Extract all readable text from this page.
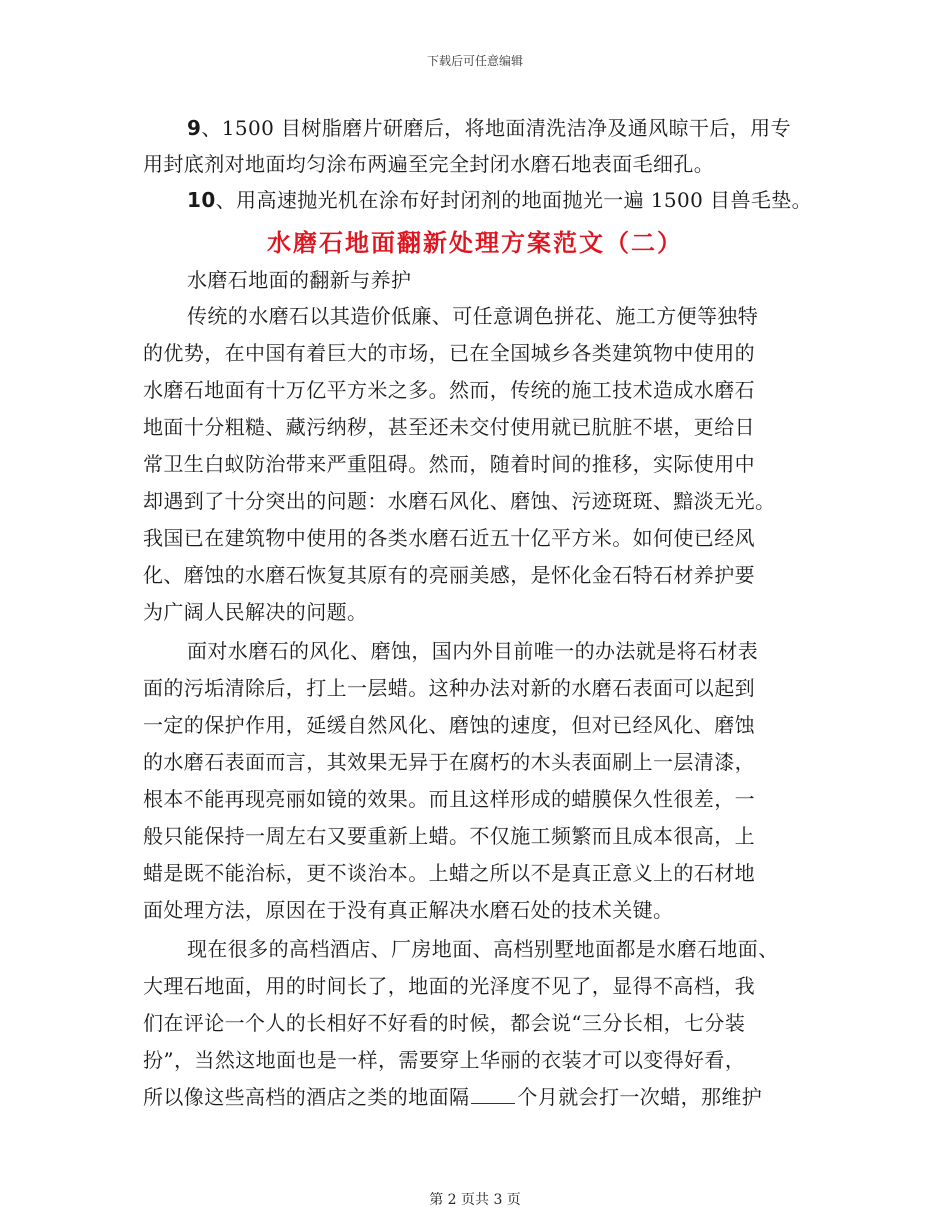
下载后可任意编辑
9、1500 目树脂磨片研磨后，将地面清洗洁净及通风晾干后，用专
用封底剂对地面均匀涂布两遍至完全封闭水磨石地表面毛细孔。
10、用高速抛光机在涂布好封闭剂的地面抛光一遍 1500 目兽毛垫。
水磨石地面翻新处理方案范文（二）
水磨石地面的翻新与养护
传统的水磨石以其造价低廉、可任意调色拼花、施工方便等独特
的优势，在中国有着巨大的市场，已在全国城乡各类建筑物中使用的
水磨石地面有十万亿平方米之多。然而，传统的施工技术造成水磨石
地面十分粗糙、藏污纳秽，甚至还未交付使用就已肮脏不堪，更给日
常卫生白蚁防治带来严重阻碍。然而，随着时间的推移，实际使用中
却遇到了十分突出的问题：水磨石风化、磨蚀、污迹斑斑、黯淡无光。
我国已在建筑物中使用的各类水磨石近五十亿平方米。如何使已经风
化、磨蚀的水磨石恢复其原有的亮丽美感，是怀化金石特石材养护要
为广阔人民解决的问题。
面对水磨石的风化、磨蚀，国内外目前唯一的办法就是将石材表
面的污垢清除后，打上一层蜡。这种办法对新的水磨石表面可以起到
一定的保护作用，延缓自然风化、磨蚀的速度，但对已经风化、磨蚀
的水磨石表面而言，其效果无异于在腐朽的木头表面刷上一层清漆，
根本不能再现亮丽如镜的效果。而且这样形成的蜡膜保久性很差，一
般只能保持一周左右又要重新上蜡。不仅施工频繁而且成本很高，上
蜡是既不能治标，更不谈治本。上蜡之所以不是真正意义上的石材地
面处理方法，原因在于没有真正解决水磨石处的技术关键。
现在很多的高档酒店、厂房地面、高档别墅地面都是水磨石地面、
大理石地面，用的时间长了，地面的光泽度不见了，显得不高档，我
们在评论一个人的长相好不好看的时候，都会说“三分长相，七分装
扮”，当然这地面也是一样，需要穿上华丽的衣装才可以变得好看，
所以像这些高档的酒店之类的地面隔 个月就会打一次蜡，那维护
第 2 页共 3 页
